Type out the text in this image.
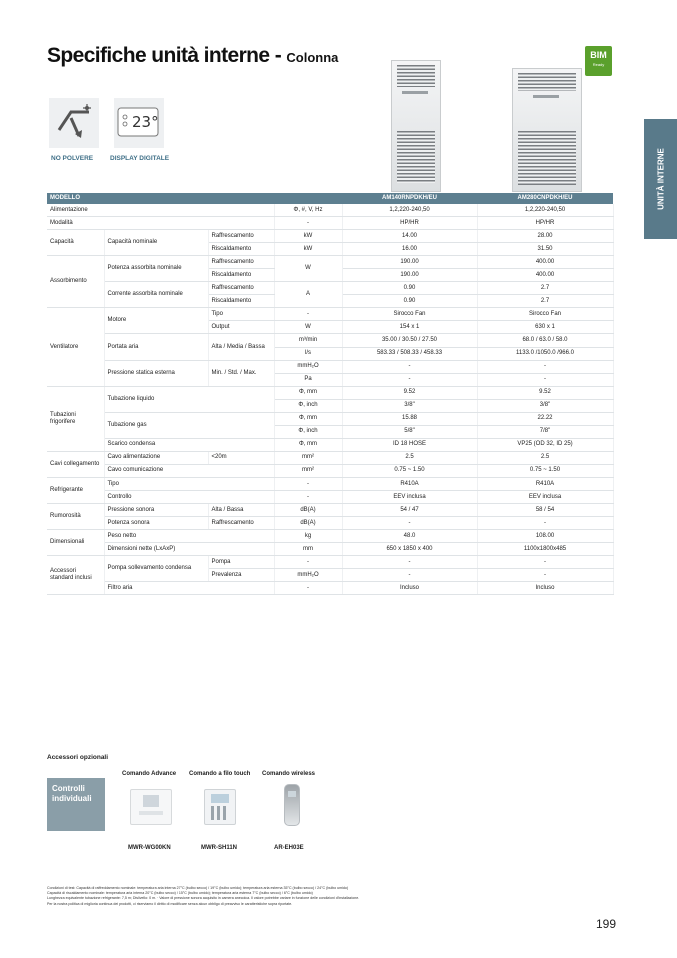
Specifiche unità interne - Colonna	BIM
Ready
UNITÀ INTERNE
23°
NO POLVERE	DISPLAY DIGITALE
MODELLO				AM140RNPDKH/EU	AM280CNPDKH/EU
Alimentazione			Φ, #, V, Hz	1,2,220-240,50	1,2,220-240,50
Modalità			-	HP/HR	HP/HR
Capacità	Capacità nominale	Raffrescamento	kW	14.00	28.00
		Riscaldamento	kW	16.00	31.50
Assorbimento	Potenza assorbita nominale	Raffrescamento	W	190.00	400.00
		Riscaldamento		190.00	400.00
	Corrente assorbita nominale	Raffrescamento	A	0.90	2.7
		Riscaldamento		0.90	2.7
Ventilatore	Motore	Tipo	-	Sirocco Fan	Sirocco Fan
		Output	W	154 x 1	630 x 1
	Portata aria	Alta / Media / Bassa	m³/min	35.00 / 30.50 / 27.50	68.0 / 63.0 / 58.0
			l/s	583.33 / 508.33 / 458.33	1133.0 /1050.0 /966.0
	Pressione statica esterna	Min. / Std. / Max.	mmH₂O	-	-
			Pa	-	-
Tubazioni frigorifere	Tubazione liquido		Φ, mm	9.52	9.52
			Φ, inch	3/8"	3/8"
	Tubazione gas		Φ, mm	15.88	22.22
			Φ, inch	5/8"	7/8"
	Scarico condensa		Φ, mm	ID 18 HOSE	VP25 (OD 32, ID 25)
Cavi collegamento	Cavo alimentazione	<20m	mm²	2.5	2.5
	Cavo comunicazione		mm²	0.75 ~ 1.50	0.75 ~ 1.50
Refrigerante	Tipo		-	R410A	R410A
	Controllo		-	EEV inclusa	EEV inclusa
Rumorosità	Pressione sonora	Alta / Bassa	dB(A)	54 / 47	58 / 54
	Potenza sonora	Raffrescamento	dB(A)	-	-
Dimensionali	Peso netto		kg	48.0	108.00
	Dimensioni nette (LxAxP)		mm	650 x 1850 x 400	1100x1800x485
Accessori standard inclusi	Pompa sollevamento condensa	Pompa	-	-	-
		Prevalenza	mmH₂O	-	-
	Filtro aria		-	Incluso	Incluso
Accessori opzionali
Controlli individuali
Comando Advance Comando a filo touch Comando wireless
MWR-WG00KN	MWR-SH11N	AR-EH03E
Condizioni di test: Capacità di raffreddamento nominale: temperatura aria interna 27°C (bulbo secco) / 19°C (bulbo umido); temperatura aria esterna 35°C (bulbo secco) / 24°C (bulbo umido)
Capacità di riscaldamento nominale: temperatura aria interna 20°C (bulbo secco) / 15°C (bulbo umido); temperatura aria esterna 7°C (bulbo secco) / 6°C (bulbo umido)
Lunghezza equivalente tubazione refrigerante: 7,5 m; Dislivello: 0 m. · Valore di pressione sonora acquisito in camera anecoica. Il valore potrebbe variare in funzione delle condizioni d'installazione.
Per la nostra politica di miglioria continua dei prodotti, ci riserviamo il diritto di modificare senza alcun obbligo di preavviso le caratteristiche sopra riportate.
199
